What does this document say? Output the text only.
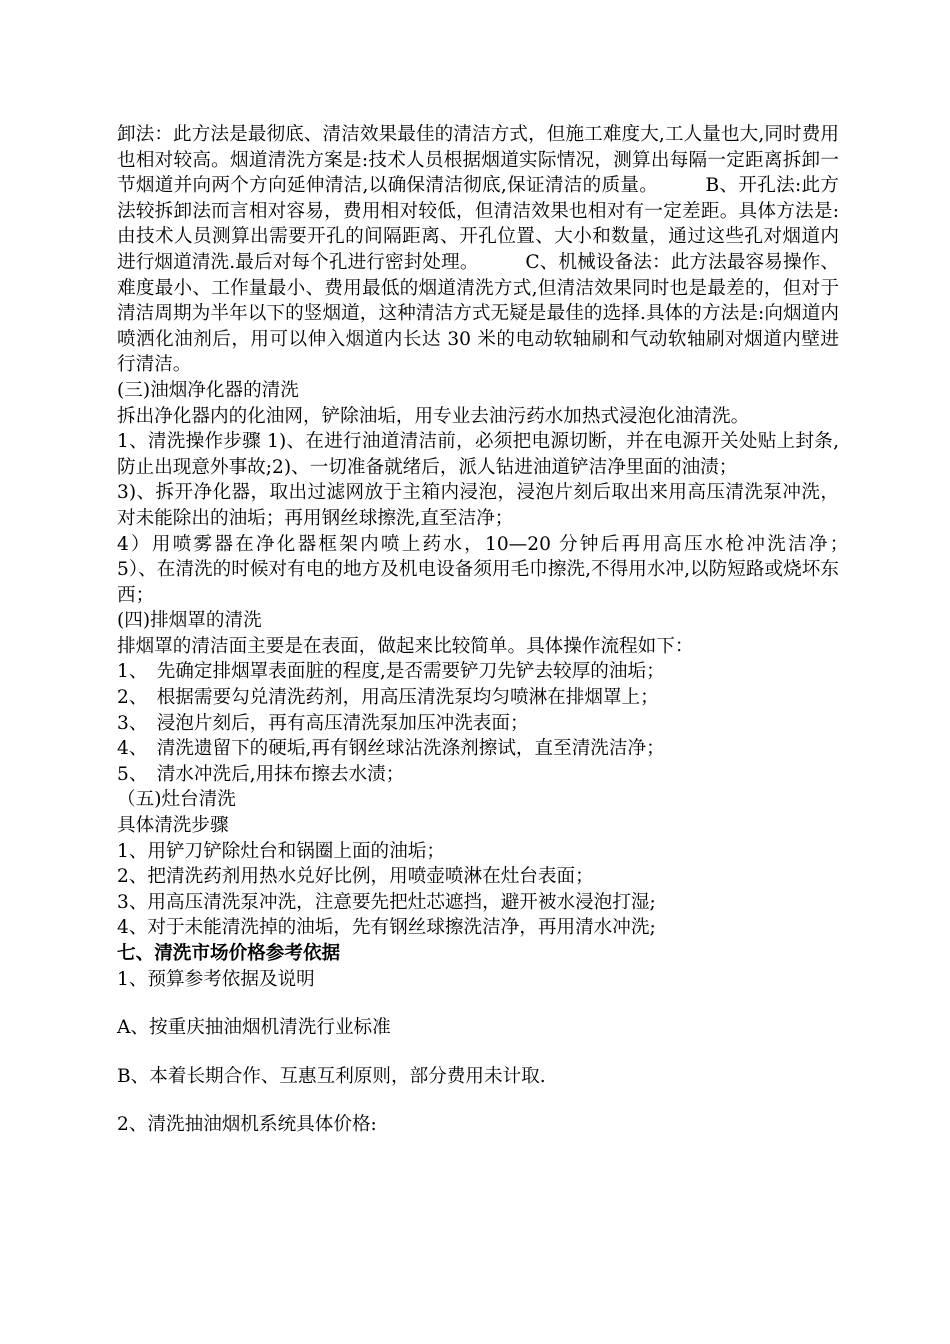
卸法：此方法是最彻底、清洁效果最佳的清洁方式，但施工难度大,工人量也大,同时费用也相对较高。烟道清洗方案是:技术人员根据烟道实际情况，测算出每隔一定距离拆卸一节烟道并向两个方向延伸清洁,以确保清洁彻底,保证清洁的质量。　　　B、开孔法:此方法较拆卸法而言相对容易，费用相对较低，但清洁效果也相对有一定差距。具体方法是:由技术人员测算出需要开孔的间隔距离、开孔位置、大小和数量，通过这些孔对烟道内进行烟道清洗.最后对每个孔进行密封处理。　　　C、机械设备法：此方法最容易操作、难度最小、工作量最小、费用最低的烟道清洗方式,但清洁效果同时也是最差的，但对于清洁周期为半年以下的竖烟道，这种清洁方式无疑是最佳的选择.具体的方法是:向烟道内喷洒化油剂后，用可以伸入烟道内长达 30 米的电动软轴刷和气动软轴刷对烟道内壁进行清洁。

(三)油烟净化器的清洗

拆出净化器内的化油网，铲除油垢，用专业去油污药水加热式浸泡化油清洗。

1、清洗操作步骤 1)、在进行油道清洁前，必须把电源切断，并在电源开关处贴上封条,防止出现意外事故;2)、一切准备就绪后，派人钻进油道铲洁净里面的油渍；

3)、拆开净化器，取出过滤网放于主箱内浸泡，浸泡片刻后取出来用高压清洗泵冲洗，对未能除出的油垢；再用钢丝球擦洗,直至洁净；

4）用喷雾器在净化器框架内喷上药水，10—20 分钟后再用高压水枪冲洗洁净；　　5）、在清洗的时候对有电的地方及机电设备须用毛巾擦洗,不得用水冲,以防短路或烧坏东西；

(四)排烟罩的清洗

排烟罩的清洁面主要是在表面，做起来比较简单。具体操作流程如下：

1、　先确定排烟罩表面脏的程度,是否需要铲刀先铲去较厚的油垢；

2、　根据需要勾兑清洗药剂，用高压清洗泵均匀喷淋在排烟罩上；

3、　浸泡片刻后，再有高压清洗泵加压冲洗表面；

4、　清洗遗留下的硬垢,再有钢丝球沾洗涤剂擦试，直至清洗洁净；

5、　清水冲洗后,用抹布擦去水渍；

（五)灶台清洗

具体清洗步骤

1、用铲刀铲除灶台和锅圈上面的油垢；

2、把清洗药剂用热水兑好比例，用喷壶喷淋在灶台表面；

3、用高压清洗泵冲洗，注意要先把灶芯遮挡，避开被水浸泡打湿;

4、对于未能清洗掉的油垢，先有钢丝球擦洗洁净，再用清水冲洗;

七、清洗市场价格参考依据

1、预算参考依据及说明

A、按重庆抽油烟机清洗行业标准

B、本着长期合作、互惠互利原则，部分费用未计取.

2、清洗抽油烟机系统具体价格:
